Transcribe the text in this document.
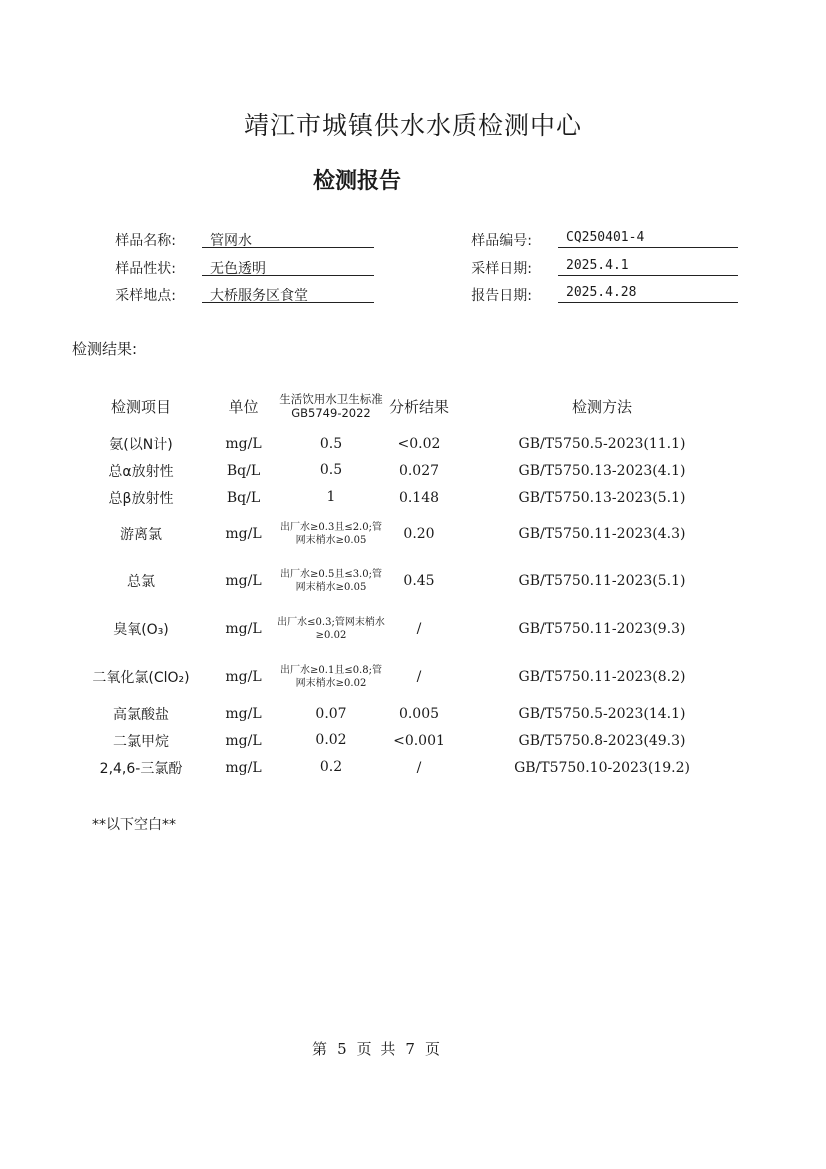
靖江市城镇供水水质检测中心
检测报告
样品名称:	管网水
样品性状:	无色透明
采样地点:	大桥服务区食堂
样品编号:	CQ250401-4
采样日期:	2025.4.1
报告日期:	2025.4.28
检测结果:
检测项目	单位	生活饮用水卫生标准GB5749-2022	分析结果	检测方法
氨(以N计)	mg/L	0.5	<0.02	GB/T5750.5-2023(11.1)
总α放射性	Bq/L	0.5	0.027	GB/T5750.13-2023(4.1)
总β放射性	Bq/L	1	0.148	GB/T5750.13-2023(5.1)
游离氯	mg/L	出厂水≥0.3且≤2.0;管网末梢水≥0.05	0.20	GB/T5750.11-2023(4.3)
总氯	mg/L	出厂水≥0.5且≤3.0;管网末梢水≥0.05	0.45	GB/T5750.11-2023(5.1)
臭氧(O₃)	mg/L	出厂水≤0.3;管网末梢水≥0.02	/	GB/T5750.11-2023(9.3)
二氧化氯(ClO₂)	mg/L	出厂水≥0.1且≤0.8;管网末梢水≥0.02	/	GB/T5750.11-2023(8.2)
高氯酸盐	mg/L	0.07	0.005	GB/T5750.5-2023(14.1)
二氯甲烷	mg/L	0.02	<0.001	GB/T5750.8-2023(49.3)
2,4,6-三氯酚	mg/L	0.2	/	GB/T5750.10-2023(19.2)
**以下空白**
第 5 页 共 7 页
